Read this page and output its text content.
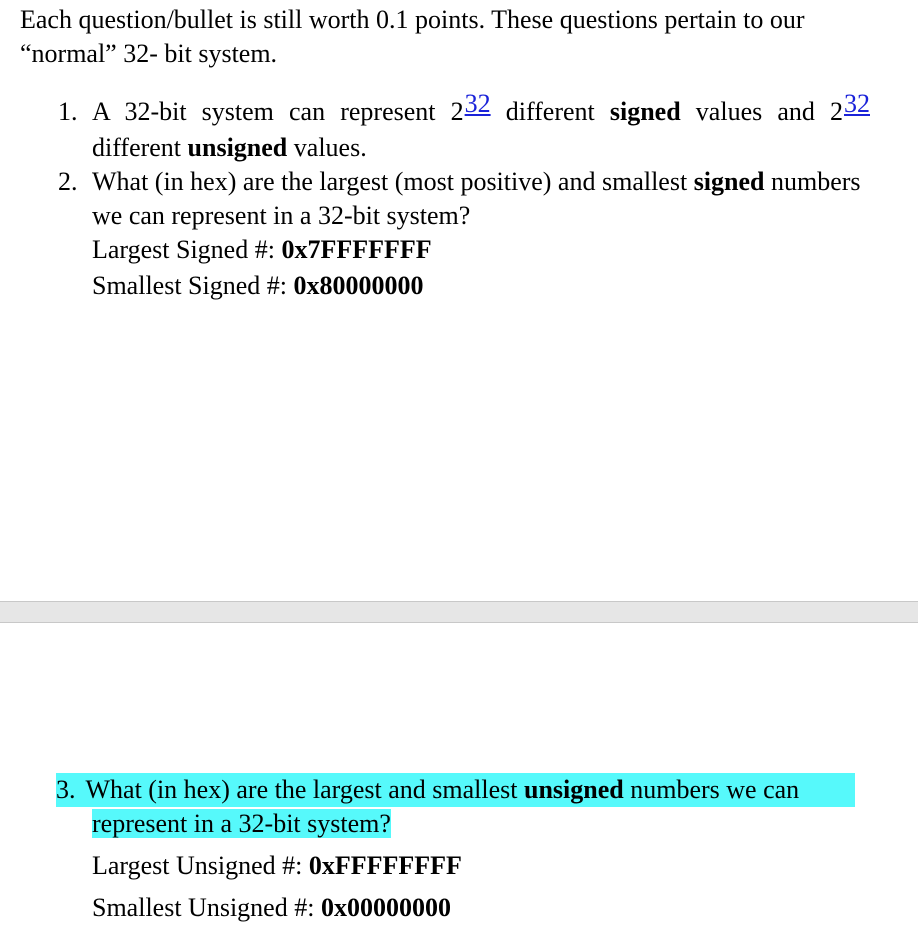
Each question/bullet is still worth 0.1 points. These questions pertain to our
“normal” 32- bit system.
1. A 32-bit system can represent 232 different signed values and 232
different unsigned values.
2. What (in hex) are the largest (most positive) and smallest signed numbers
we can represent in a 32-bit system?
Largest Signed #: 0x7FFFFFFF
Smallest Signed #: 0x80000000
3. What (in hex) are the largest and smallest unsigned numbers we can
represent in a 32-bit system?
Largest Unsigned #: 0xFFFFFFFF
Smallest Unsigned #: 0x00000000
